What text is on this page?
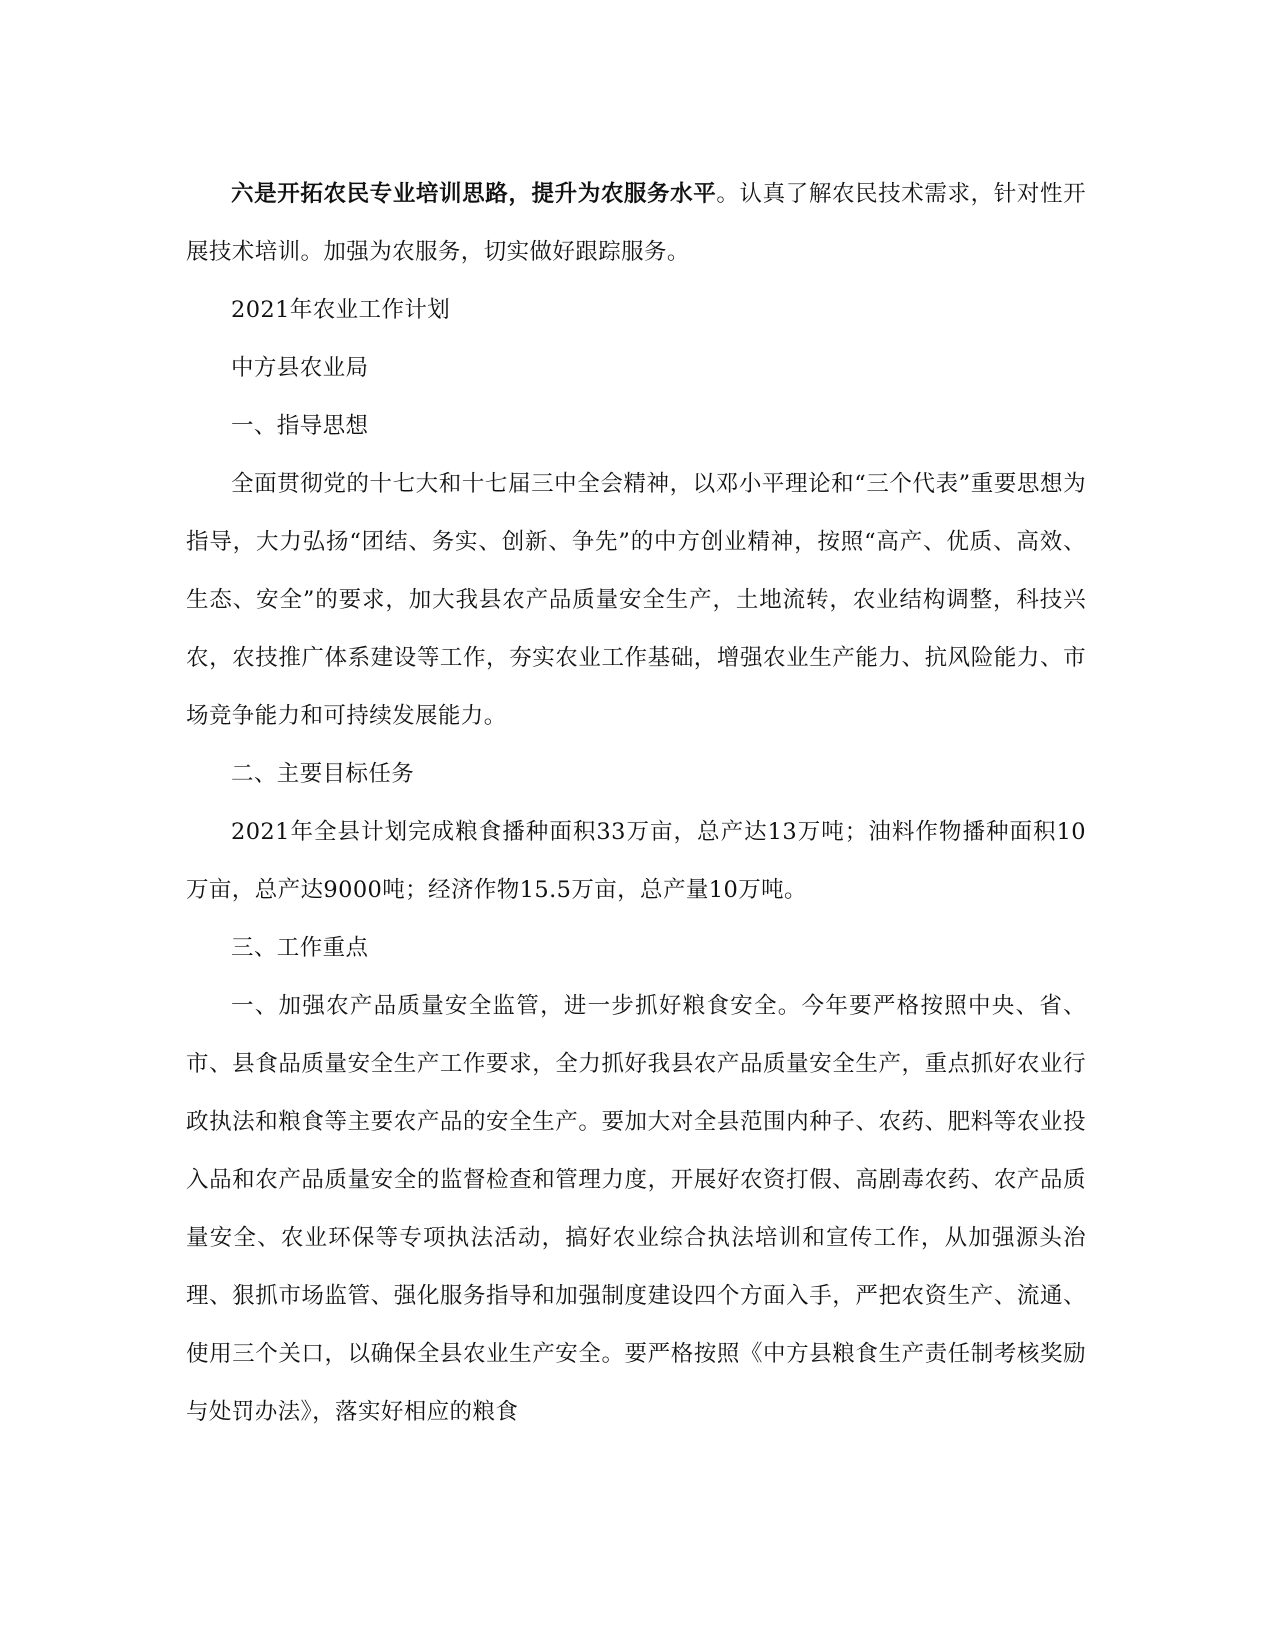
六是开拓农民专业培训思路，提升为农服务水平。认真了解农民技术需求，针对性开展技术培训。加强为农服务，切实做好跟踪服务。

2021年农业工作计划

中方县农业局

一、指导思想

全面贯彻党的十七大和十七届三中全会精神，以邓小平理论和“三个代表”重要思想为指导，大力弘扬“团结、务实、创新、争先”的中方创业精神，按照“高产、优质、高效、生态、安全”的要求，加大我县农产品质量安全生产，土地流转，农业结构调整，科技兴农，农技推广体系建设等工作，夯实农业工作基础，增强农业生产能力、抗风险能力、市场竞争能力和可持续发展能力。

二、主要目标任务

2021年全县计划完成粮食播种面积33万亩，总产达13万吨；油料作物播种面积10万亩，总产达9000吨；经济作物15.5万亩，总产量10万吨。

三、工作重点

一、加强农产品质量安全监管，进一步抓好粮食安全。今年要严格按照中央、省、市、县食品质量安全生产工作要求，全力抓好我县农产品质量安全生产，重点抓好农业行政执法和粮食等主要农产品的安全生产。要加大对全县范围内种子、农药、肥料等农业投入品和农产品质量安全的监督检查和管理力度，开展好农资打假、高剧毒农药、农产品质量安全、农业环保等专项执法活动，搞好农业综合执法培训和宣传工作，从加强源头治理、狠抓市场监管、强化服务指导和加强制度建设四个方面入手，严把农资生产、流通、使用三个关口，以确保全县农业生产安全。要严格按照《中方县粮食生产责任制考核奖励与处罚办法》，落实好相应的粮食
